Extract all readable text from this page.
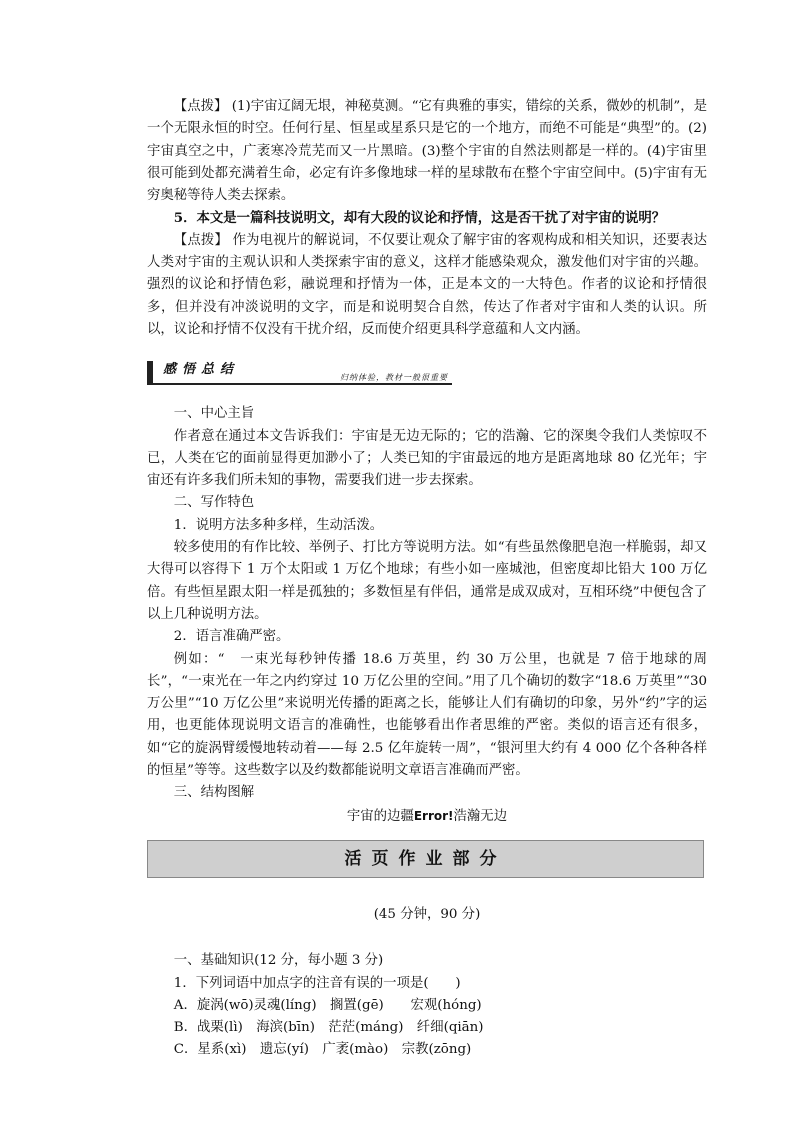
【点拨】 (1)宇宙辽阔无垠，神秘莫测。“它有典雅的事实，错综的关系，微妙的机制”，是一个无限永恒的时空。任何行星、恒星或星系只是它的一个地方，而绝不可能是“典型”的。(2)宇宙真空之中，广袤寒冷荒芜而又一片黑暗。(3)整个宇宙的自然法则都是一样的。(4)宇宙里很可能到处都充满着生命，必定有许多像地球一样的星球散布在整个宇宙空间中。(5)宇宙有无穷奥秘等待人类去探索。

5．本文是一篇科技说明文，却有大段的议论和抒情，这是否干扰了对宇宙的说明？

【点拨】 作为电视片的解说词，不仅要让观众了解宇宙的客观构成和相关知识，还要表达人类对宇宙的主观认识和人类探索宇宙的意义，这样才能感染观众，激发他们对宇宙的兴趣。强烈的议论和抒情色彩，融说理和抒情为一体，正是本文的一大特色。作者的议论和抒情很多，但并没有冲淡说明的文字，而是和说明契合自然，传达了作者对宇宙和人类的认识。所以，议论和抒情不仅没有干扰介绍，反而使介绍更具科学意蕴和人文内涵。

感悟总结
归纳体验，教材一般很重要

一、中心主旨

作者意在通过本文告诉我们：宇宙是无边无际的；它的浩瀚、它的深奥令我们人类惊叹不已，人类在它的面前显得更加渺小了；人类已知的宇宙最远的地方是距离地球 80 亿光年；宇宙还有许多我们所未知的事物，需要我们进一步去探索。

二、写作特色

1．说明方法多种多样，生动活泼。

较多使用的有作比较、举例子、打比方等说明方法。如“有些虽然像肥皂泡一样脆弱，却又大得可以容得下 1 万个太阳或 1 万亿个地球；有些小如一座城池，但密度却比铅大 100 万亿倍。有些恒星跟太阳一样是孤独的；多数恒星有伴侣，通常是成双成对，互相环绕”中便包含了以上几种说明方法。

2．语言准确严密。

例如：“　一束光每秒钟传播 18.6 万英里，约 30 万公里，也就是 7 倍于地球的周长”，“一束光在一年之内约穿过 10 万亿公里的空间。”用了几个确切的数字“18.6 万英里”“30 万公里”“10 万亿公里”来说明光传播的距离之长，能够让人们有确切的印象，另外“约”字的运用，也更能体现说明文语言的准确性，也能够看出作者思维的严密。类似的语言还有很多，如“它的旋涡臂缓慢地转动着——每 2.5 亿年旋转一周”，“银河里大约有 4 000 亿个各种各样的恒星”等等。这些数字以及约数都能说明文章语言准确而严密。

三、结构图解

宇宙的边疆Error!浩瀚无边

活页作业部分

(45 分钟，90 分)

一、基础知识(12 分，每小题 3 分)

1．下列词语中加点字的注音有误的一项是(　　)

A．旋涡(wō)灵魂(líng)　搁置(gē)　　宏观(hóng)

B．战栗(lì)　海滨(bīn)　茫茫(máng)　纤细(qiān)

C．星系(xì)　遗忘(yí)　广袤(mào)　宗教(zōng)
